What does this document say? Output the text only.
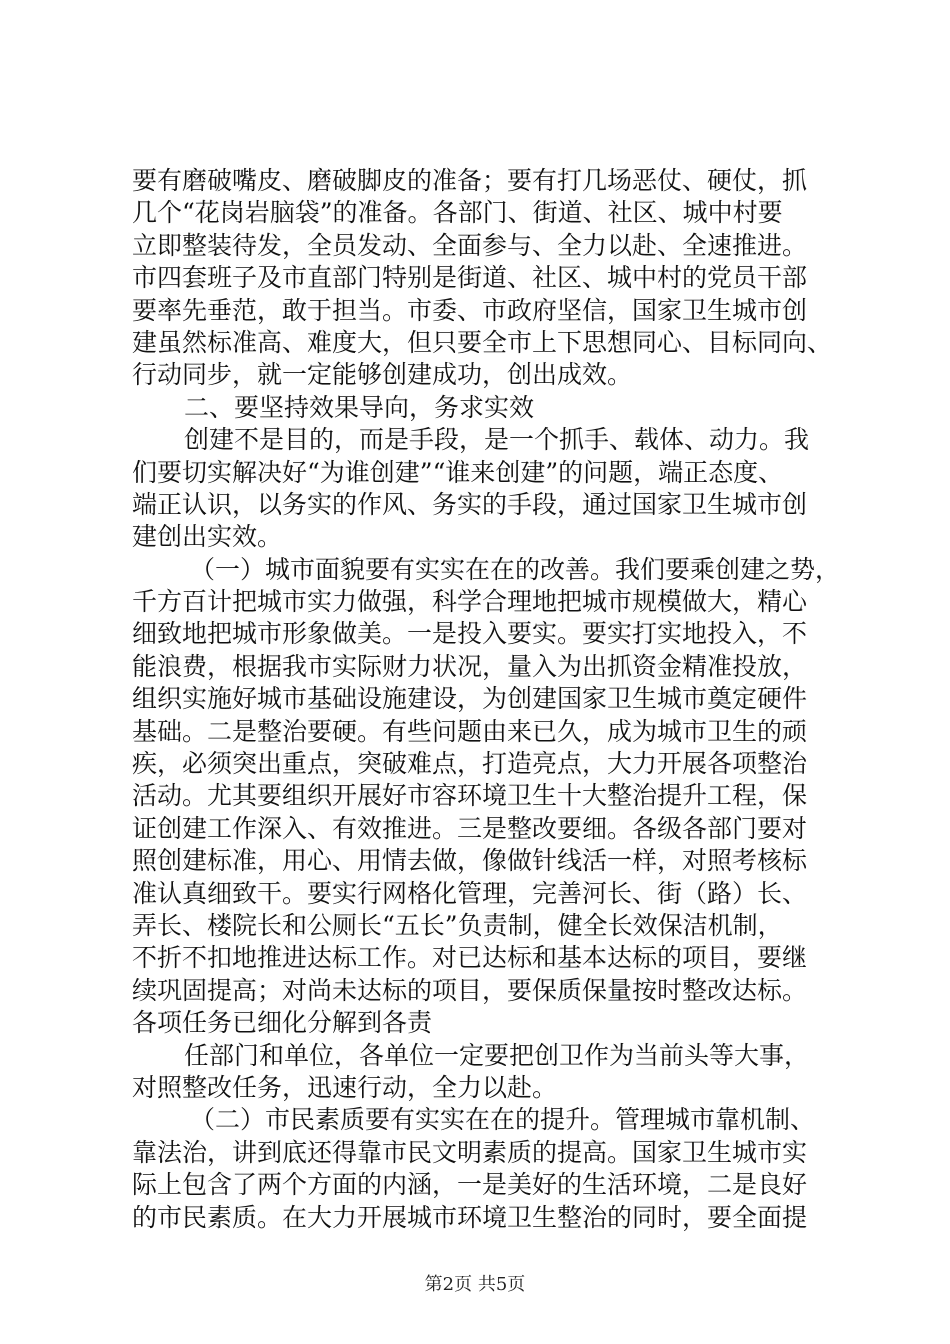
要有磨破嘴皮、磨破脚皮的准备；要有打几场恶仗、硬仗，抓
几个“花岗岩脑袋”的准备。各部门、街道、社区、城中村要
立即整装待发，全员发动、全面参与、全力以赴、全速推进。
市四套班子及市直部门特别是街道、社区、城中村的党员干部
要率先垂范，敢于担当。市委、市政府坚信，国家卫生城市创
建虽然标准高、难度大，但只要全市上下思想同心、目标同向、
行动同步，就一定能够创建成功，创出成效。
二、要坚持效果导向，务求实效
创建不是目的，而是手段，是一个抓手、载体、动力。我
们要切实解决好“为谁创建”“谁来创建”的问题，端正态度、
端正认识，以务实的作风、务实的手段，通过国家卫生城市创
建创出实效。
（一）城市面貌要有实实在在的改善。我们要乘创建之势，
千方百计把城市实力做强，科学合理地把城市规模做大，精心
细致地把城市形象做美。一是投入要实。要实打实地投入，不
能浪费，根据我市实际财力状况，量入为出抓资金精准投放，
组织实施好城市基础设施建设，为创建国家卫生城市奠定硬件
基础。二是整治要硬。有些问题由来已久，成为城市卫生的顽
疾，必须突出重点，突破难点，打造亮点，大力开展各项整治
活动。尤其要组织开展好市容环境卫生十大整治提升工程，保
证创建工作深入、有效推进。三是整改要细。各级各部门要对
照创建标准，用心、用情去做，像做针线活一样，对照考核标
准认真细致干。要实行网格化管理，完善河长、街（路）长、
弄长、楼院长和公厕长“五长”负责制，健全长效保洁机制，
不折不扣地推进达标工作。对已达标和基本达标的项目，要继
续巩固提高；对尚未达标的项目，要保质保量按时整改达标。
各项任务已细化分解到各责
任部门和单位，各单位一定要把创卫作为当前头等大事，
对照整改任务，迅速行动，全力以赴。
（二）市民素质要有实实在在的提升。管理城市靠机制、
靠法治，讲到底还得靠市民文明素质的提高。国家卫生城市实
际上包含了两个方面的内涵，一是美好的生活环境，二是良好
的市民素质。在大力开展城市环境卫生整治的同时，要全面提
第2页 共5页
